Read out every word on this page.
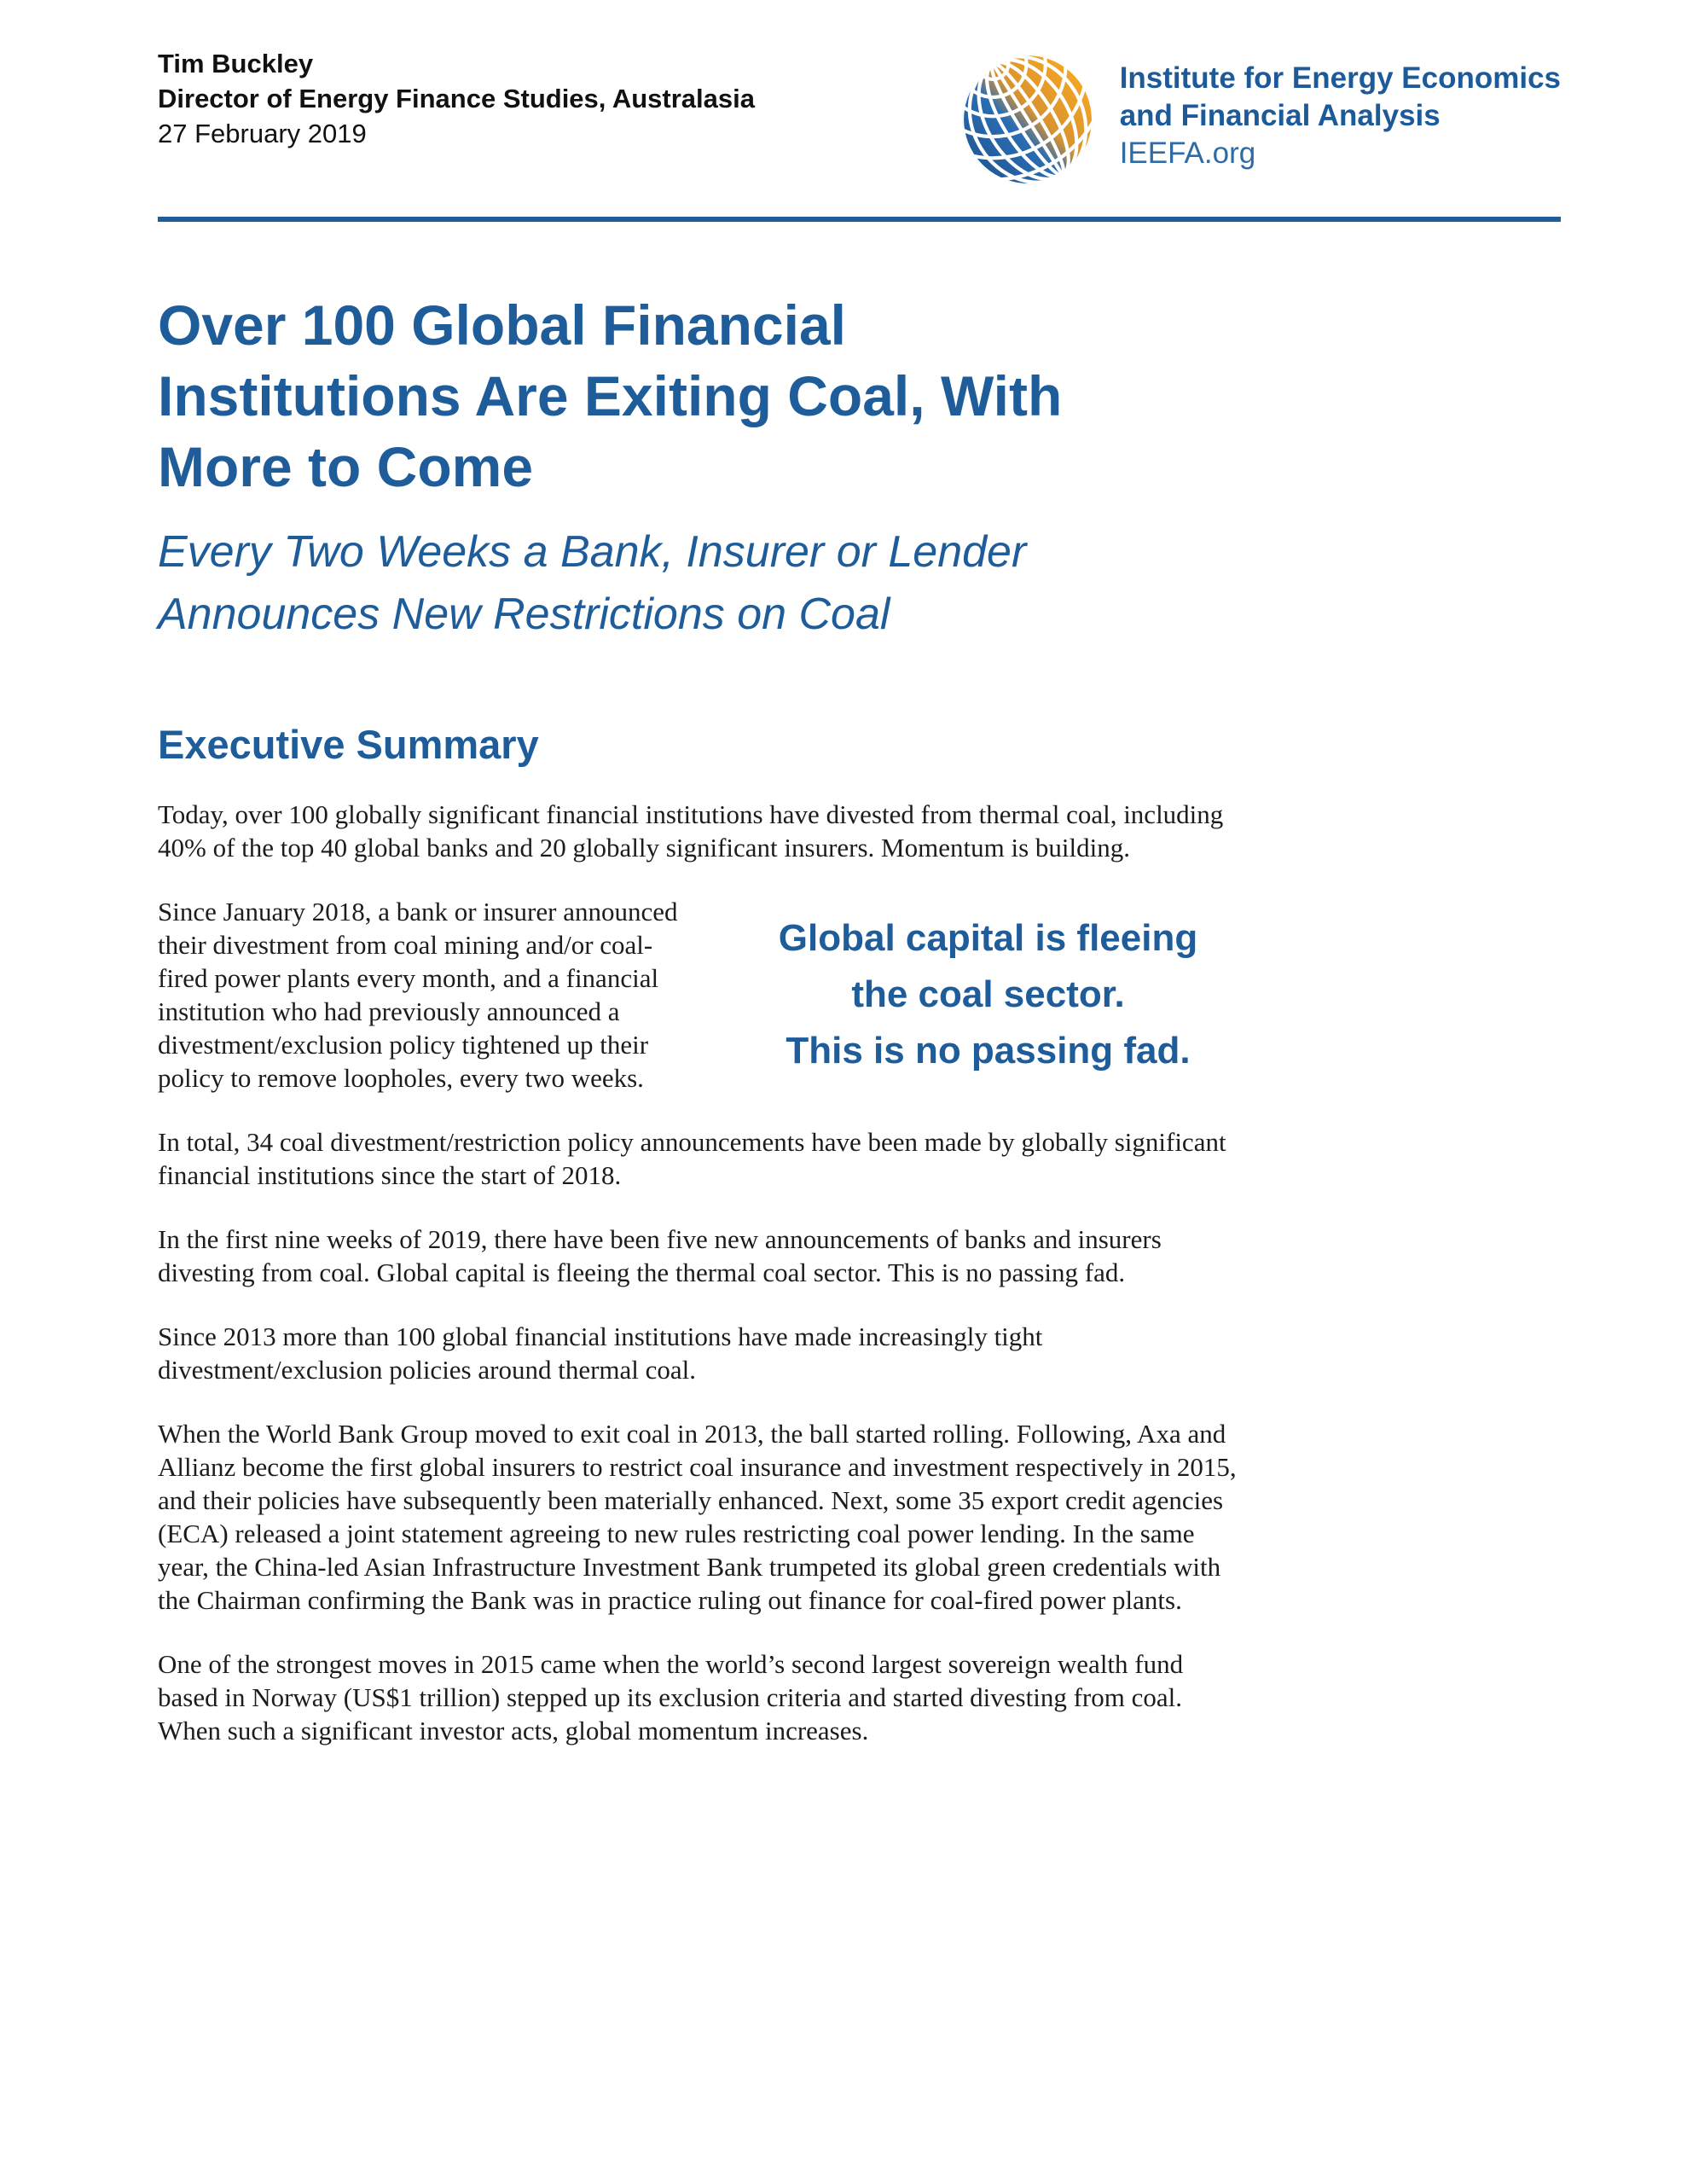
Tim Buckley
Director of Energy Finance Studies, Australasia
27 February 2019
Institute for Energy Economics
and Financial Analysis
IEEFA.org
Over 100 Global Financial
Institutions Are Exiting Coal, With
More to Come
Every Two Weeks a Bank, Insurer or Lender
Announces New Restrictions on Coal
Executive Summary

Today, over 100 globally significant financial institutions have divested from thermal coal, including 40% of the top 40 global banks and 20 globally significant insurers. Momentum is building.

Since January 2018, a bank or insurer announced their divestment from coal mining and/or coal-fired power plants every month, and a financial institution who had previously announced a divestment/exclusion policy tightened up their policy to remove loopholes, every two weeks.

Global capital is fleeing
the coal sector.
This is no passing fad.

In total, 34 coal divestment/restriction policy announcements have been made by globally significant financial institutions since the start of 2018.

In the first nine weeks of 2019, there have been five new announcements of banks and insurers divesting from coal. Global capital is fleeing the thermal coal sector. This is no passing fad.

Since 2013 more than 100 global financial institutions have made increasingly tight divestment/exclusion policies around thermal coal.

When the World Bank Group moved to exit coal in 2013, the ball started rolling. Following, Axa and Allianz become the first global insurers to restrict coal insurance and investment respectively in 2015, and their policies have subsequently been materially enhanced. Next, some 35 export credit agencies (ECA) released a joint statement agreeing to new rules restricting coal power lending. In the same year, the China-led Asian Infrastructure Investment Bank trumpeted its global green credentials with the Chairman confirming the Bank was in practice ruling out finance for coal-fired power plants.

One of the strongest moves in 2015 came when the world’s second largest sovereign wealth fund based in Norway (US$1 trillion) stepped up its exclusion criteria and started divesting from coal. When such a significant investor acts, global momentum increases.
